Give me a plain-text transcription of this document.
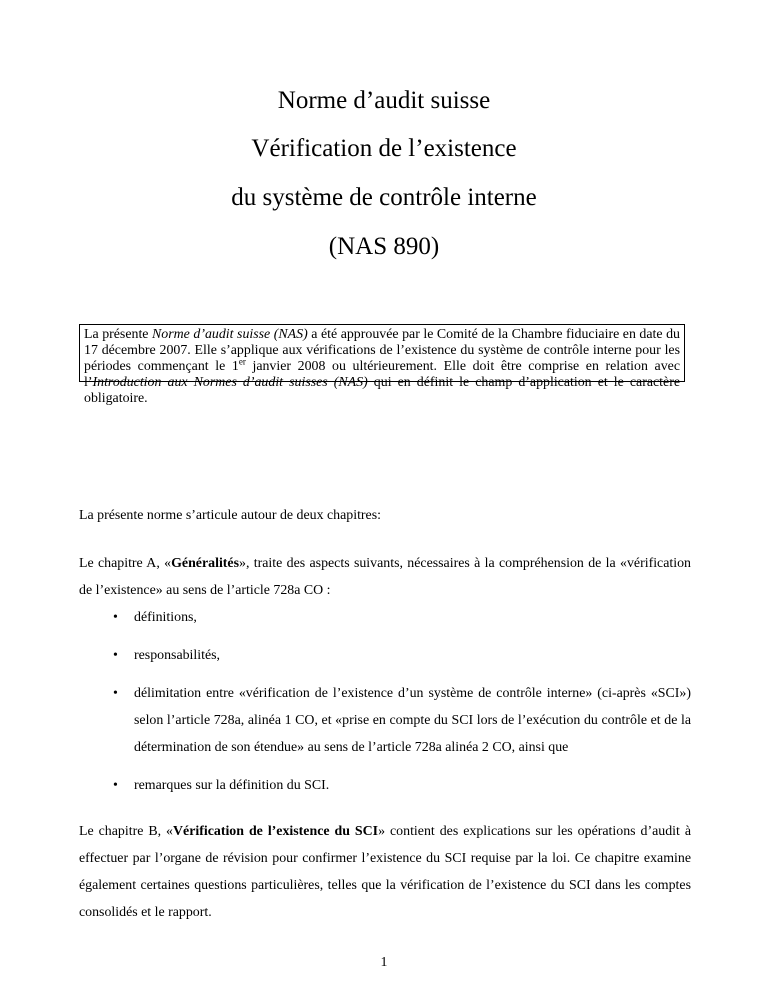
Norme d’audit suisse
Vérification de l’existence
du système de contrôle interne
(NAS 890)
La présente Norme d’audit suisse (NAS) a été approuvée par le Comité de la Chambre fiduciaire en date du 17 décembre 2007. Elle s’applique aux vérifications de l’existence du système de contrôle interne pour les périodes commençant le 1er janvier 2008 ou ultérieurement. Elle doit être comprise en relation avec l’Introduction aux Normes d’audit suisses (NAS) qui en définit le champ d’application et le caractère obligatoire.
La présente norme s’articule autour de deux chapitres:
Le chapitre A, «Généralités», traite des aspects suivants, nécessaires à la compréhension de la «vérification de l’existence» au sens de l’article 728a CO :
•	définitions,
•	responsabilités,
•	délimitation entre «vérification de l’existence d’un système de contrôle interne» (ci-après «SCI») selon l’article 728a, alinéa 1 CO, et «prise en compte du SCI lors de l’exécution du contrôle et de la détermination de son étendue» au sens de l’article 728a alinéa 2 CO, ainsi que
•	remarques sur la définition du SCI.
Le chapitre B, «Vérification de l’existence du SCI» contient des explications sur les opérations d’audit à effectuer par l’organe de révision pour confirmer l’existence du SCI requise par la loi. Ce chapitre examine également certaines questions particulières, telles que la vérification de l’existence du SCI dans les comptes consolidés et le rapport.
1
